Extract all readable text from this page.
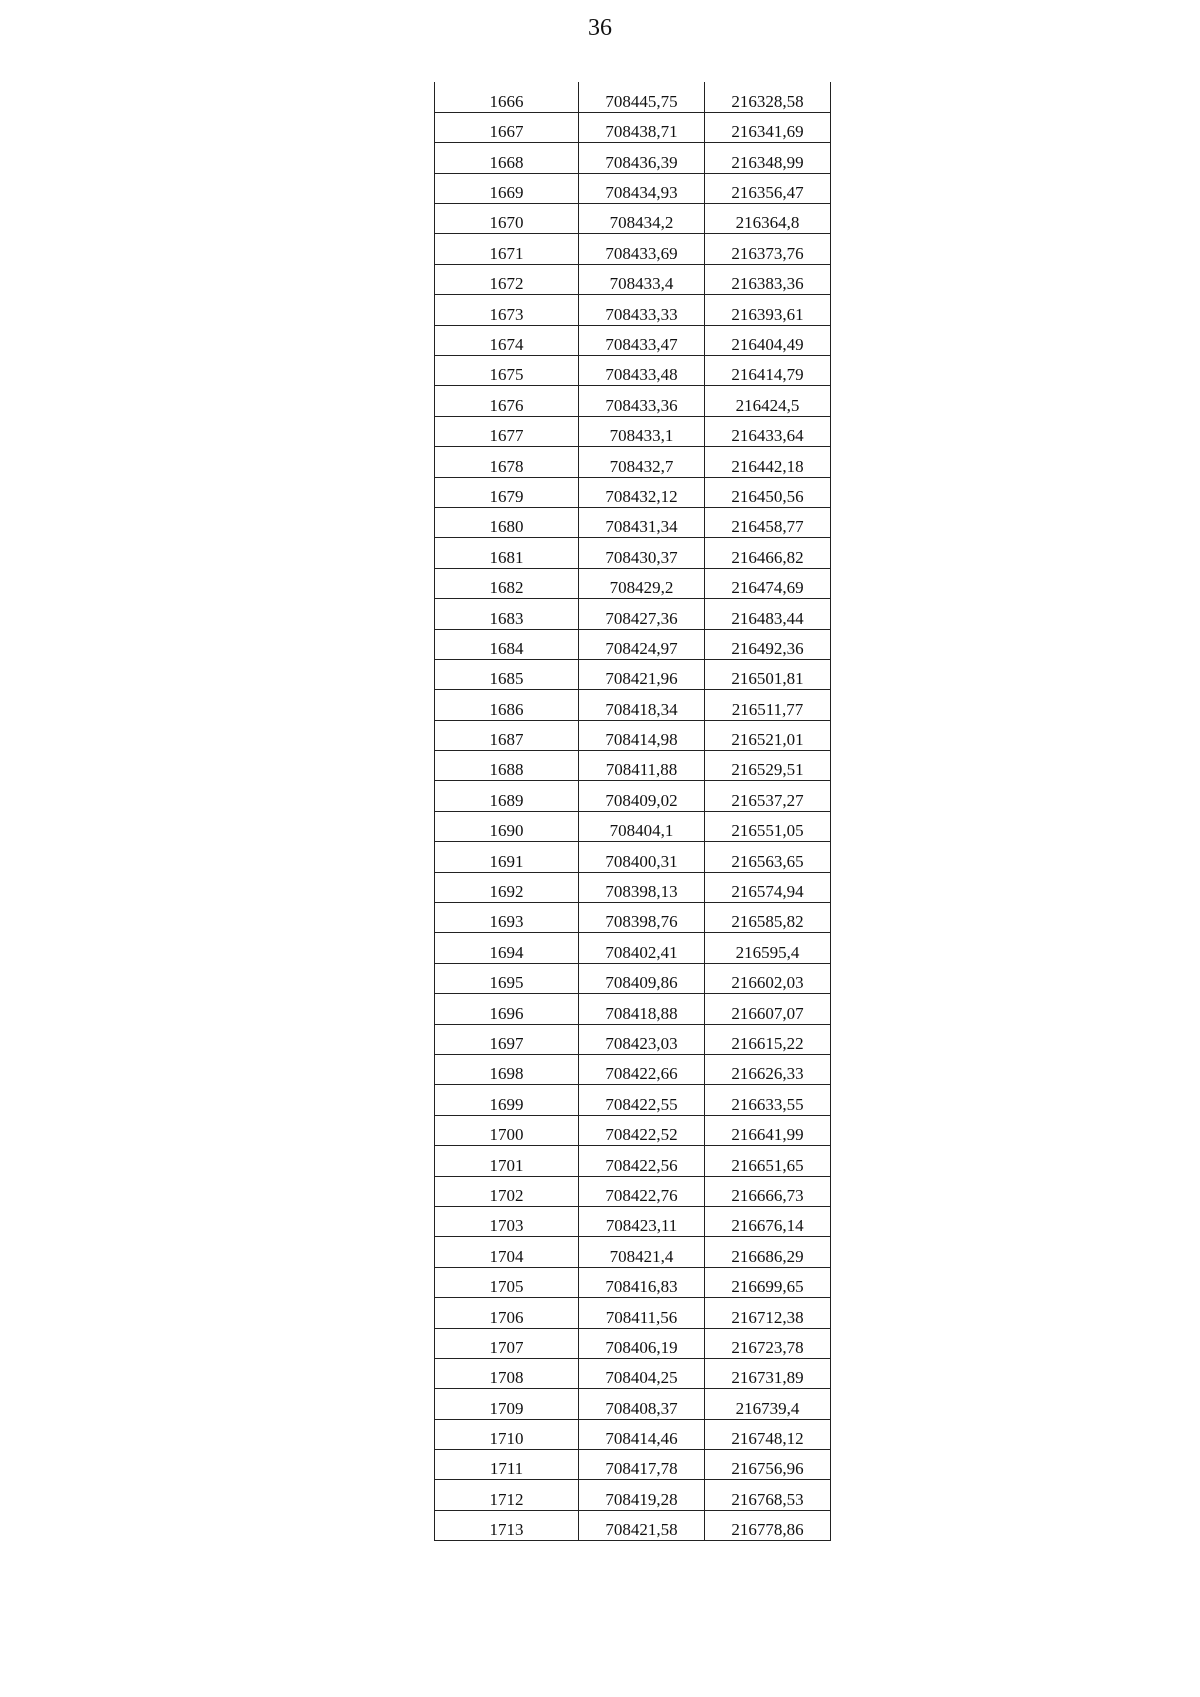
36
1666	708445,75	216328,58
1667	708438,71	216341,69
1668	708436,39	216348,99
1669	708434,93	216356,47
1670	708434,2	216364,8
1671	708433,69	216373,76
1672	708433,4	216383,36
1673	708433,33	216393,61
1674	708433,47	216404,49
1675	708433,48	216414,79
1676	708433,36	216424,5
1677	708433,1	216433,64
1678	708432,7	216442,18
1679	708432,12	216450,56
1680	708431,34	216458,77
1681	708430,37	216466,82
1682	708429,2	216474,69
1683	708427,36	216483,44
1684	708424,97	216492,36
1685	708421,96	216501,81
1686	708418,34	216511,77
1687	708414,98	216521,01
1688	708411,88	216529,51
1689	708409,02	216537,27
1690	708404,1	216551,05
1691	708400,31	216563,65
1692	708398,13	216574,94
1693	708398,76	216585,82
1694	708402,41	216595,4
1695	708409,86	216602,03
1696	708418,88	216607,07
1697	708423,03	216615,22
1698	708422,66	216626,33
1699	708422,55	216633,55
1700	708422,52	216641,99
1701	708422,56	216651,65
1702	708422,76	216666,73
1703	708423,11	216676,14
1704	708421,4	216686,29
1705	708416,83	216699,65
1706	708411,56	216712,38
1707	708406,19	216723,78
1708	708404,25	216731,89
1709	708408,37	216739,4
1710	708414,46	216748,12
1711	708417,78	216756,96
1712	708419,28	216768,53
1713	708421,58	216778,86
